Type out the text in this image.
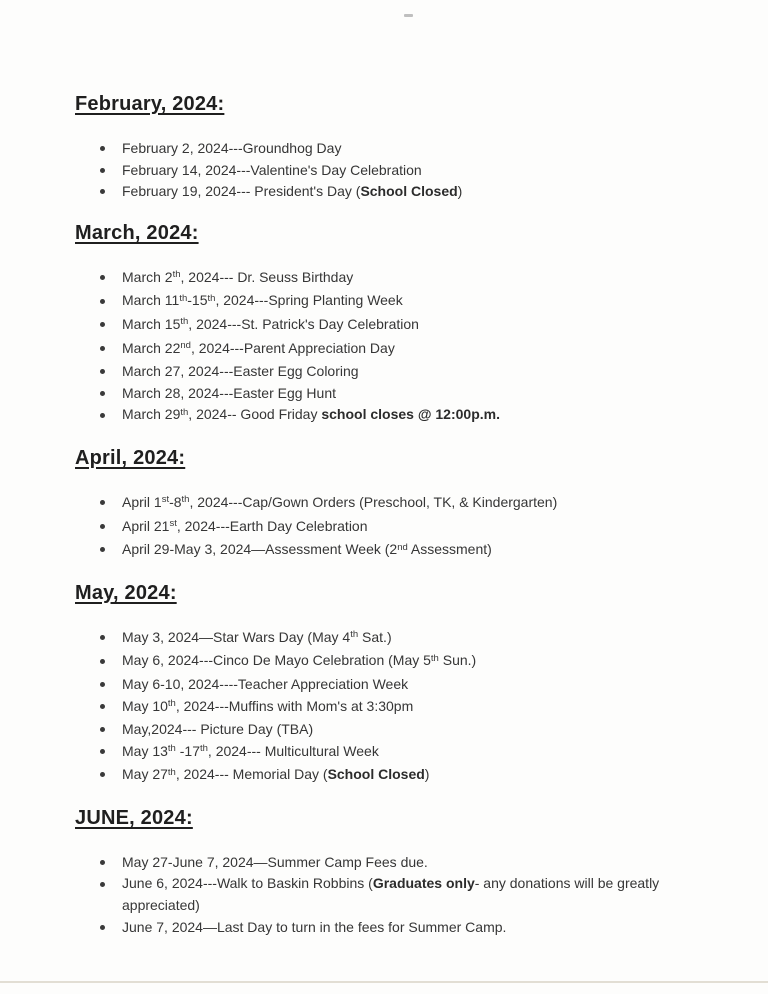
February, 2024:
February 2, 2024---Groundhog Day
February 14, 2024---Valentine's Day Celebration
February 19, 2024--- President's Day (School Closed)
March, 2024:
March 2th, 2024--- Dr. Seuss Birthday
March 11th-15th, 2024---Spring Planting Week
March 15th, 2024---St. Patrick's Day Celebration
March 22nd, 2024---Parent Appreciation Day
March 27, 2024---Easter Egg Coloring
March 28, 2024---Easter Egg Hunt
March 29th, 2024-- Good Friday school closes @ 12:00p.m.
April, 2024:
April 1st-8th, 2024---Cap/Gown Orders (Preschool, TK, & Kindergarten)
April 21st, 2024---Earth Day Celebration
April 29-May 3, 2024—Assessment Week (2nd Assessment)
May, 2024:
May 3, 2024—Star Wars Day (May 4th Sat.)
May 6, 2024---Cinco De Mayo Celebration (May 5th Sun.)
May 6-10, 2024----Teacher Appreciation Week
May 10th, 2024---Muffins with Mom's at 3:30pm
May,2024--- Picture Day (TBA)
May 13th -17th, 2024--- Multicultural Week
May 27th, 2024--- Memorial Day (School Closed)
JUNE, 2024:
May 27-June 7, 2024—Summer Camp Fees due.
June 6, 2024---Walk to Baskin Robbins (Graduates only- any donations will be greatly appreciated)
June 7, 2024—Last Day to turn in the fees for Summer Camp.
